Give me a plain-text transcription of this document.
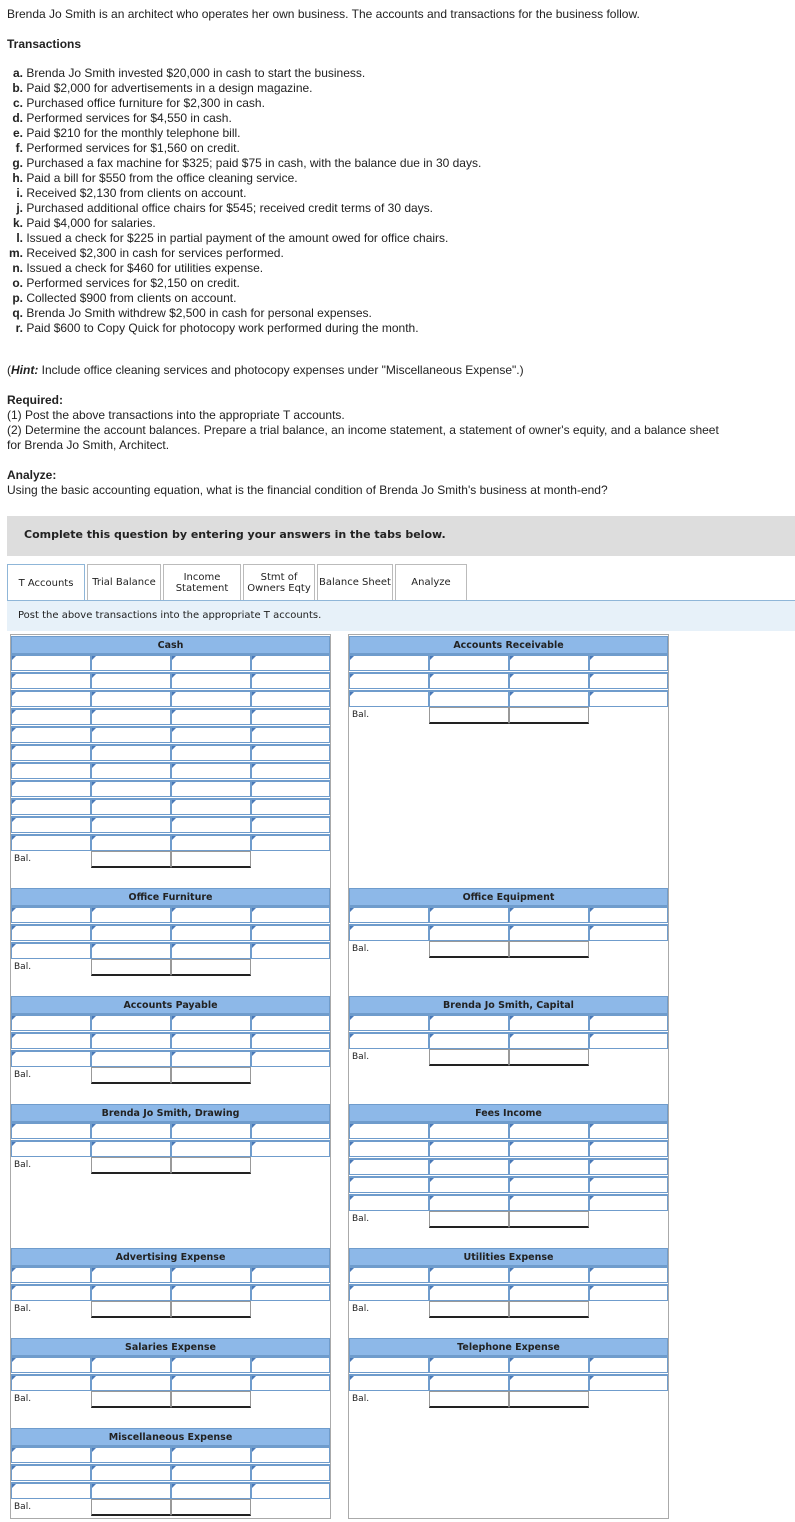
Brenda Jo Smith is an architect who operates her own business. The accounts and transactions for the business follow.

Transactions

a. Brenda Jo Smith invested $20,000 in cash to start the business.
b. Paid $2,000 for advertisements in a design magazine.
c. Purchased office furniture for $2,300 in cash.
d. Performed services for $4,550 in cash.
e. Paid $210 for the monthly telephone bill.
f. Performed services for $1,560 on credit.
g. Purchased a fax machine for $325; paid $75 in cash, with the balance due in 30 days.
h. Paid a bill for $550 from the office cleaning service.
i. Received $2,130 from clients on account.
j. Purchased additional office chairs for $545; received credit terms of 30 days.
k. Paid $4,000 for salaries.
l. Issued a check for $225 in partial payment of the amount owed for office chairs.
m. Received $2,300 in cash for services performed.
n. Issued a check for $460 for utilities expense.
o. Performed services for $2,150 on credit.
p. Collected $900 from clients on account.
q. Brenda Jo Smith withdrew $2,500 in cash for personal expenses.
r. Paid $600 to Copy Quick for photocopy work performed during the month.

(Hint: Include office cleaning services and photocopy expenses under "Miscellaneous Expense".)

Required:

(1) Post the above transactions into the appropriate T accounts.

(2) Determine the account balances. Prepare a trial balance, an income statement, a statement of owner's equity, and a balance sheet

for Brenda Jo Smith, Architect.

Analyze:

Using the basic accounting equation, what is the financial condition of Brenda Jo Smith's business at month-end?

Complete this question by entering your answers in the tabs below.
T Accounts	Trial Balance	Income Statement
Stmt of Owners Eqty Balance Sheet	Analyze
Post the above transactions into the appropriate T accounts.
Cash
Bal.
Accounts Receivable
Bal.
Office Furniture
Bal.
Office Equipment
Bal.
Accounts Payable
Bal.
Brenda Jo Smith, Capital
Bal.
Brenda Jo Smith, Drawing
Bal.
Fees Income
Bal.
Advertising Expense
Bal.
Utilities Expense
Bal.
Salaries Expense
Bal.
Telephone Expense
Bal.
Miscellaneous Expense
Bal.
